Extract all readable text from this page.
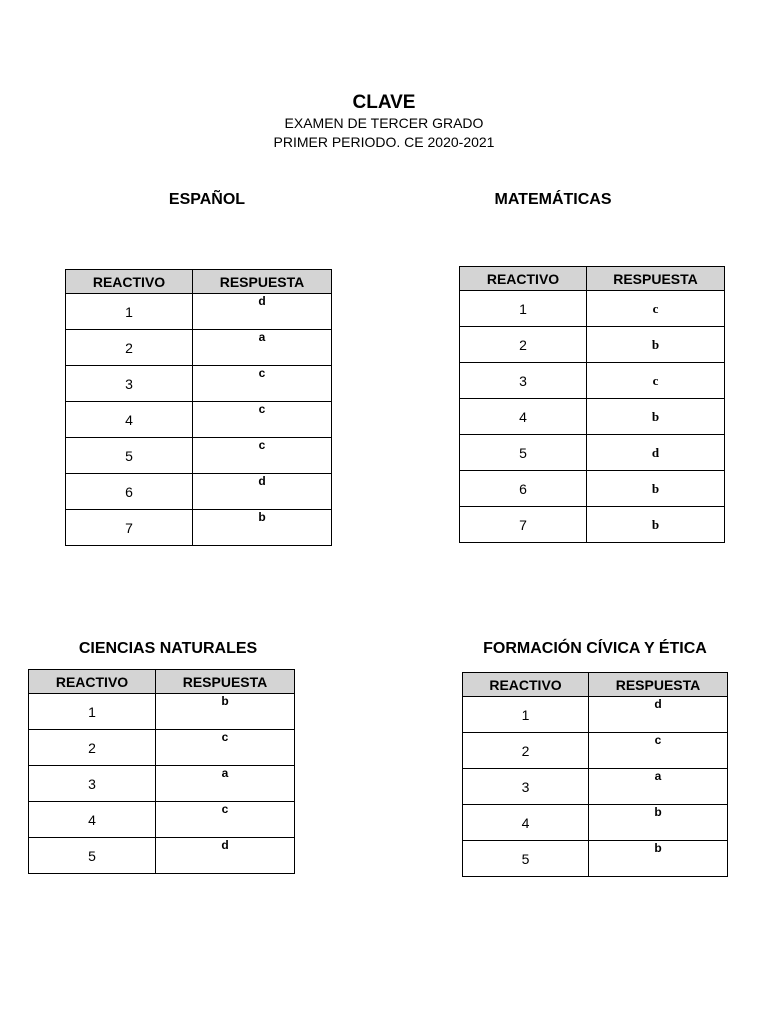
CLAVE
EXAMEN DE TERCER GRADO
PRIMER PERIODO. CE 2020-2021
ESPAÑOL
REACTIVO	RESPUESTA
1	d
2	a
3	c
4	c
5	c
6	d
7	b
MATEMÁTICAS
REACTIVO	RESPUESTA
1	c
2	b
3	c
4	b
5	d
6	b
7	b
CIENCIAS NATURALES
REACTIVO	RESPUESTA
1	b
2	c
3	a
4	c
5	d
FORMACIÓN CÍVICA Y ÉTICA
REACTIVO	RESPUESTA
1	d
2	c
3	a
4	b
5	b
